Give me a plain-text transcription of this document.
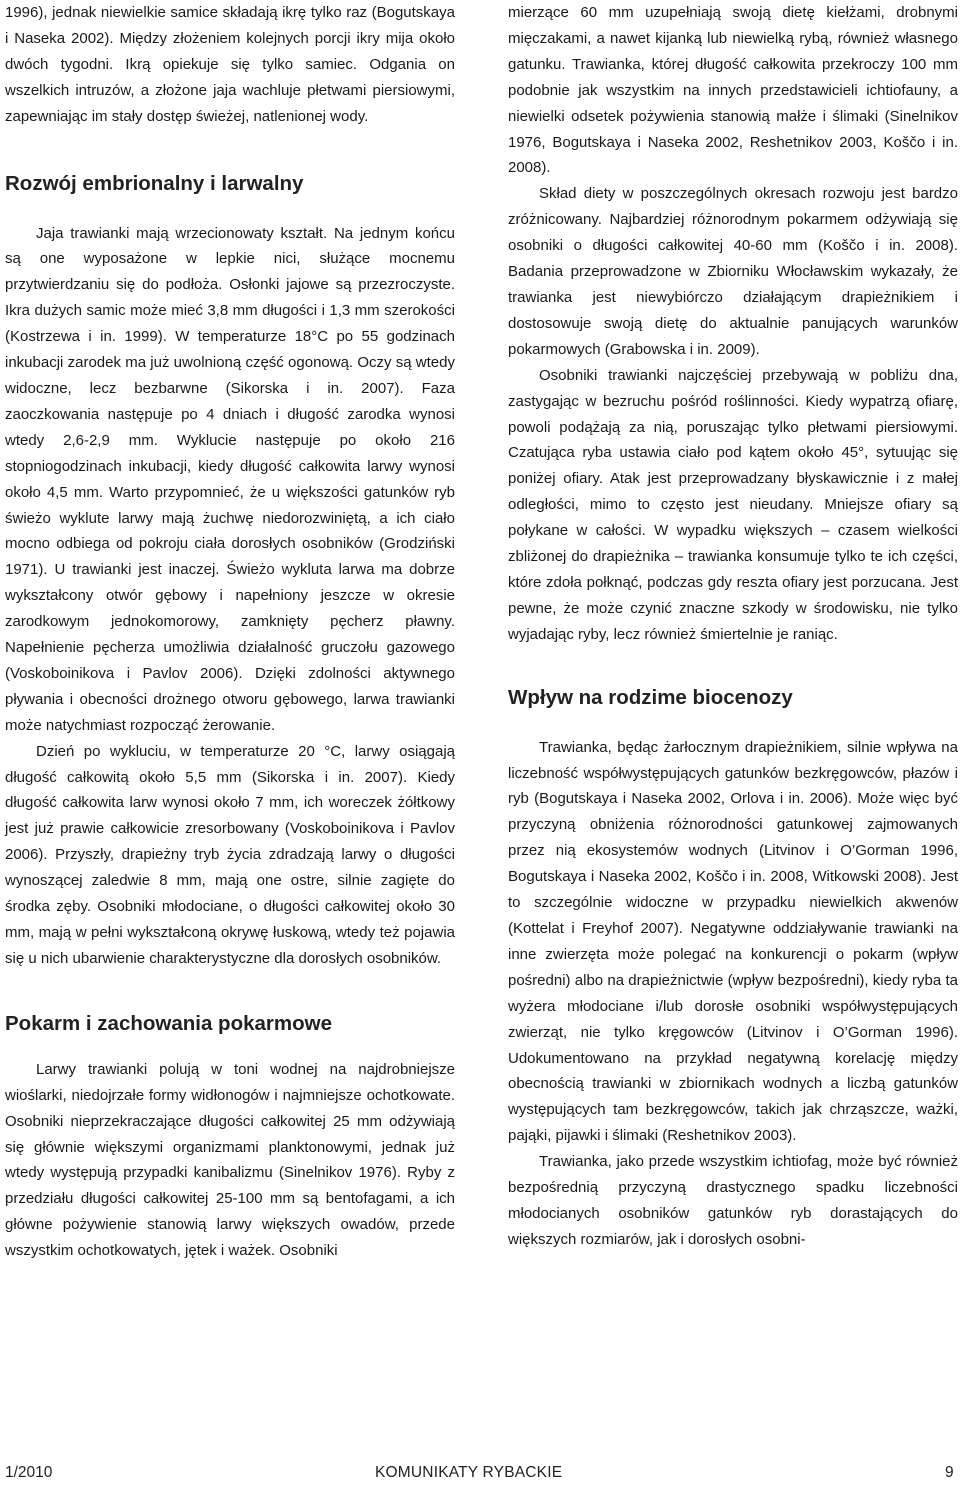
1996), jednak niewielkie samice składają ikrę tylko raz (Bogutskaya i Naseka 2002). Między złożeniem kolejnych porcji ikry mija około dwóch tygodni. Ikrą opiekuje się tylko samiec. Odgania on wszelkich intruzów, a złożone jaja wachluje płetwami piersiowymi, zapewniając im stały dostęp świeżej, natlenionej wody.

Rozwój embrionalny i larwalny

Jaja trawianki mają wrzecionowaty kształt. Na jednym końcu są one wyposażone w lepkie nici, służące mocnemu przytwierdzaniu się do podłoża. Osłonki jajowe są przezroczyste. Ikra dużych samic może mieć 3,8 mm długości i 1,3 mm szerokości (Kostrzewa i in. 1999). W temperaturze 18°C po 55 godzinach inkubacji zarodek ma już uwolnioną część ogonową. Oczy są wtedy widoczne, lecz bezbarwne (Sikorska i in. 2007). Faza zaoczkowania następuje po 4 dniach i długość zarodka wynosi wtedy 2,6-2,9 mm. Wyklucie następuje po około 216 stopniogodzinach inkubacji, kiedy długość całkowita larwy wynosi około 4,5 mm. Warto przypomnieć, że u większości gatunków ryb świeżo wyklute larwy mają żuchwę niedorozwiniętą, a ich ciało mocno odbiega od pokroju ciała dorosłych osobników (Grodziński 1971). U trawianki jest inaczej. Świeżo wykluta larwa ma dobrze wykształcony otwór gębowy i napełniony jeszcze w okresie zarodkowym jednokomorowy, zamknięty pęcherz pławny. Napełnienie pęcherza umożliwia działalność gruczołu gazowego (Voskoboinikova i Pavlov 2006). Dzięki zdolności aktywnego pływania i obecności drożnego otworu gębowego, larwa trawianki może natychmiast rozpocząć żerowanie.

Dzień po wykluciu, w temperaturze 20 °C, larwy osiągają długość całkowitą około 5,5 mm (Sikorska i in. 2007). Kiedy długość całkowita larw wynosi około 7 mm, ich woreczek żółtkowy jest już prawie całkowicie zresorbowany (Voskoboinikova i Pavlov 2006). Przyszły, drapieżny tryb życia zdradzają larwy o długości wynoszącej zaledwie 8 mm, mają one ostre, silnie zagięte do środka zęby. Osobniki młodociane, o długości całkowitej około 30 mm, mają w pełni wykształconą okrywę łuskową, wtedy też pojawia się u nich ubarwienie charakterystyczne dla dorosłych osobników.

Pokarm i zachowania pokarmowe

Larwy trawianki polują w toni wodnej na najdrobniejsze wioślarki, niedojrzałe formy widłonogów i najmniejsze ochotkowate. Osobniki nieprzekraczające długości całkowitej 25 mm odżywiają się głównie większymi organizmami planktonowymi, jednak już wtedy występują przypadki kanibalizmu (Sinelnikov 1976). Ryby z przedziału długości całkowitej 25-100 mm są bentofagami, a ich główne pożywienie stanowią larwy większych owadów, przede wszystkim ochotkowatych, jętek i ważek. Osobniki

mierzące 60 mm uzupełniają swoją dietę kiełżami, drobnymi mięczakami, a nawet kijanką lub niewielką rybą, również własnego gatunku. Trawianka, której długość całkowita przekroczy 100 mm podobnie jak wszystkim na innych przedstawicieli ichtiofauny, a niewielki odsetek pożywienia stanowią małże i ślimaki (Sinelnikov 1976, Bogutskaya i Naseka 2002, Reshetnikov 2003, Koščo i in. 2008).

Skład diety w poszczególnych okresach rozwoju jest bardzo zróżnicowany. Najbardziej różnorodnym pokarmem odżywiają się osobniki o długości całkowitej 40-60 mm (Koščo i in. 2008). Badania przeprowadzone w Zbiorniku Włocławskim wykazały, że trawianka jest niewybiórczo działającym drapieżnikiem i dostosowuje swoją dietę do aktualnie panujących warunków pokarmowych (Grabowska i in. 2009).

Osobniki trawianki najczęściej przebywają w pobliżu dna, zastygając w bezruchu pośród roślinności. Kiedy wypatrzą ofiarę, powoli podążają za nią, poruszając tylko płetwami piersiowymi. Czatująca ryba ustawia ciało pod kątem około 45°, sytuując się poniżej ofiary. Atak jest przeprowadzany błyskawicznie i z małej odległości, mimo to często jest nieudany. Mniejsze ofiary są połykane w całości. W wypadku większych – czasem wielkości zbliżonej do drapieżnika – trawianka konsumuje tylko te ich części, które zdoła połknąć, podczas gdy reszta ofiary jest porzucana. Jest pewne, że może czynić znaczne szkody w środowisku, nie tylko wyjadając ryby, lecz również śmiertelnie je raniąc.

Wpływ na rodzime biocenozy

Trawianka, będąc żarłocznym drapieżnikiem, silnie wpływa na liczebność współwystępujących gatunków bezkręgowców, płazów i ryb (Bogutskaya i Naseka 2002, Orlova i in. 2006). Może więc być przyczyną obniżenia różnorodności gatunkowej zajmowanych przez nią ekosystemów wodnych (Litvinov i O’Gorman 1996, Bogutskaya i Naseka 2002, Koščo i in. 2008, Witkowski 2008). Jest to szczególnie widoczne w przypadku niewielkich akwenów (Kottelat i Freyhof 2007). Negatywne oddziaływanie trawianki na inne zwierzęta może polegać na konkurencji o pokarm (wpływ pośredni) albo na drapieżnictwie (wpływ bezpośredni), kiedy ryba ta wyżera młodociane i/lub dorosłe osobniki współwystępujących zwierząt, nie tylko kręgowców (Litvinov i O’Gorman 1996). Udokumentowano na przykład negatywną korelację między obecnością trawianki w zbiornikach wodnych a liczbą gatunków występujących tam bezkręgowców, takich jak chrząszcze, ważki, pająki, pijawki i ślimaki (Reshetnikov 2003).

Trawianka, jako przede wszystkim ichtiofag, może być również bezpośrednią przyczyną drastycznego spadku liczebności młodocianych osobników gatunków ryb dorastających do większych rozmiarów, jak i dorosłych osobni-

1/2010	KOMUNIKATY RYBACKIE	9
